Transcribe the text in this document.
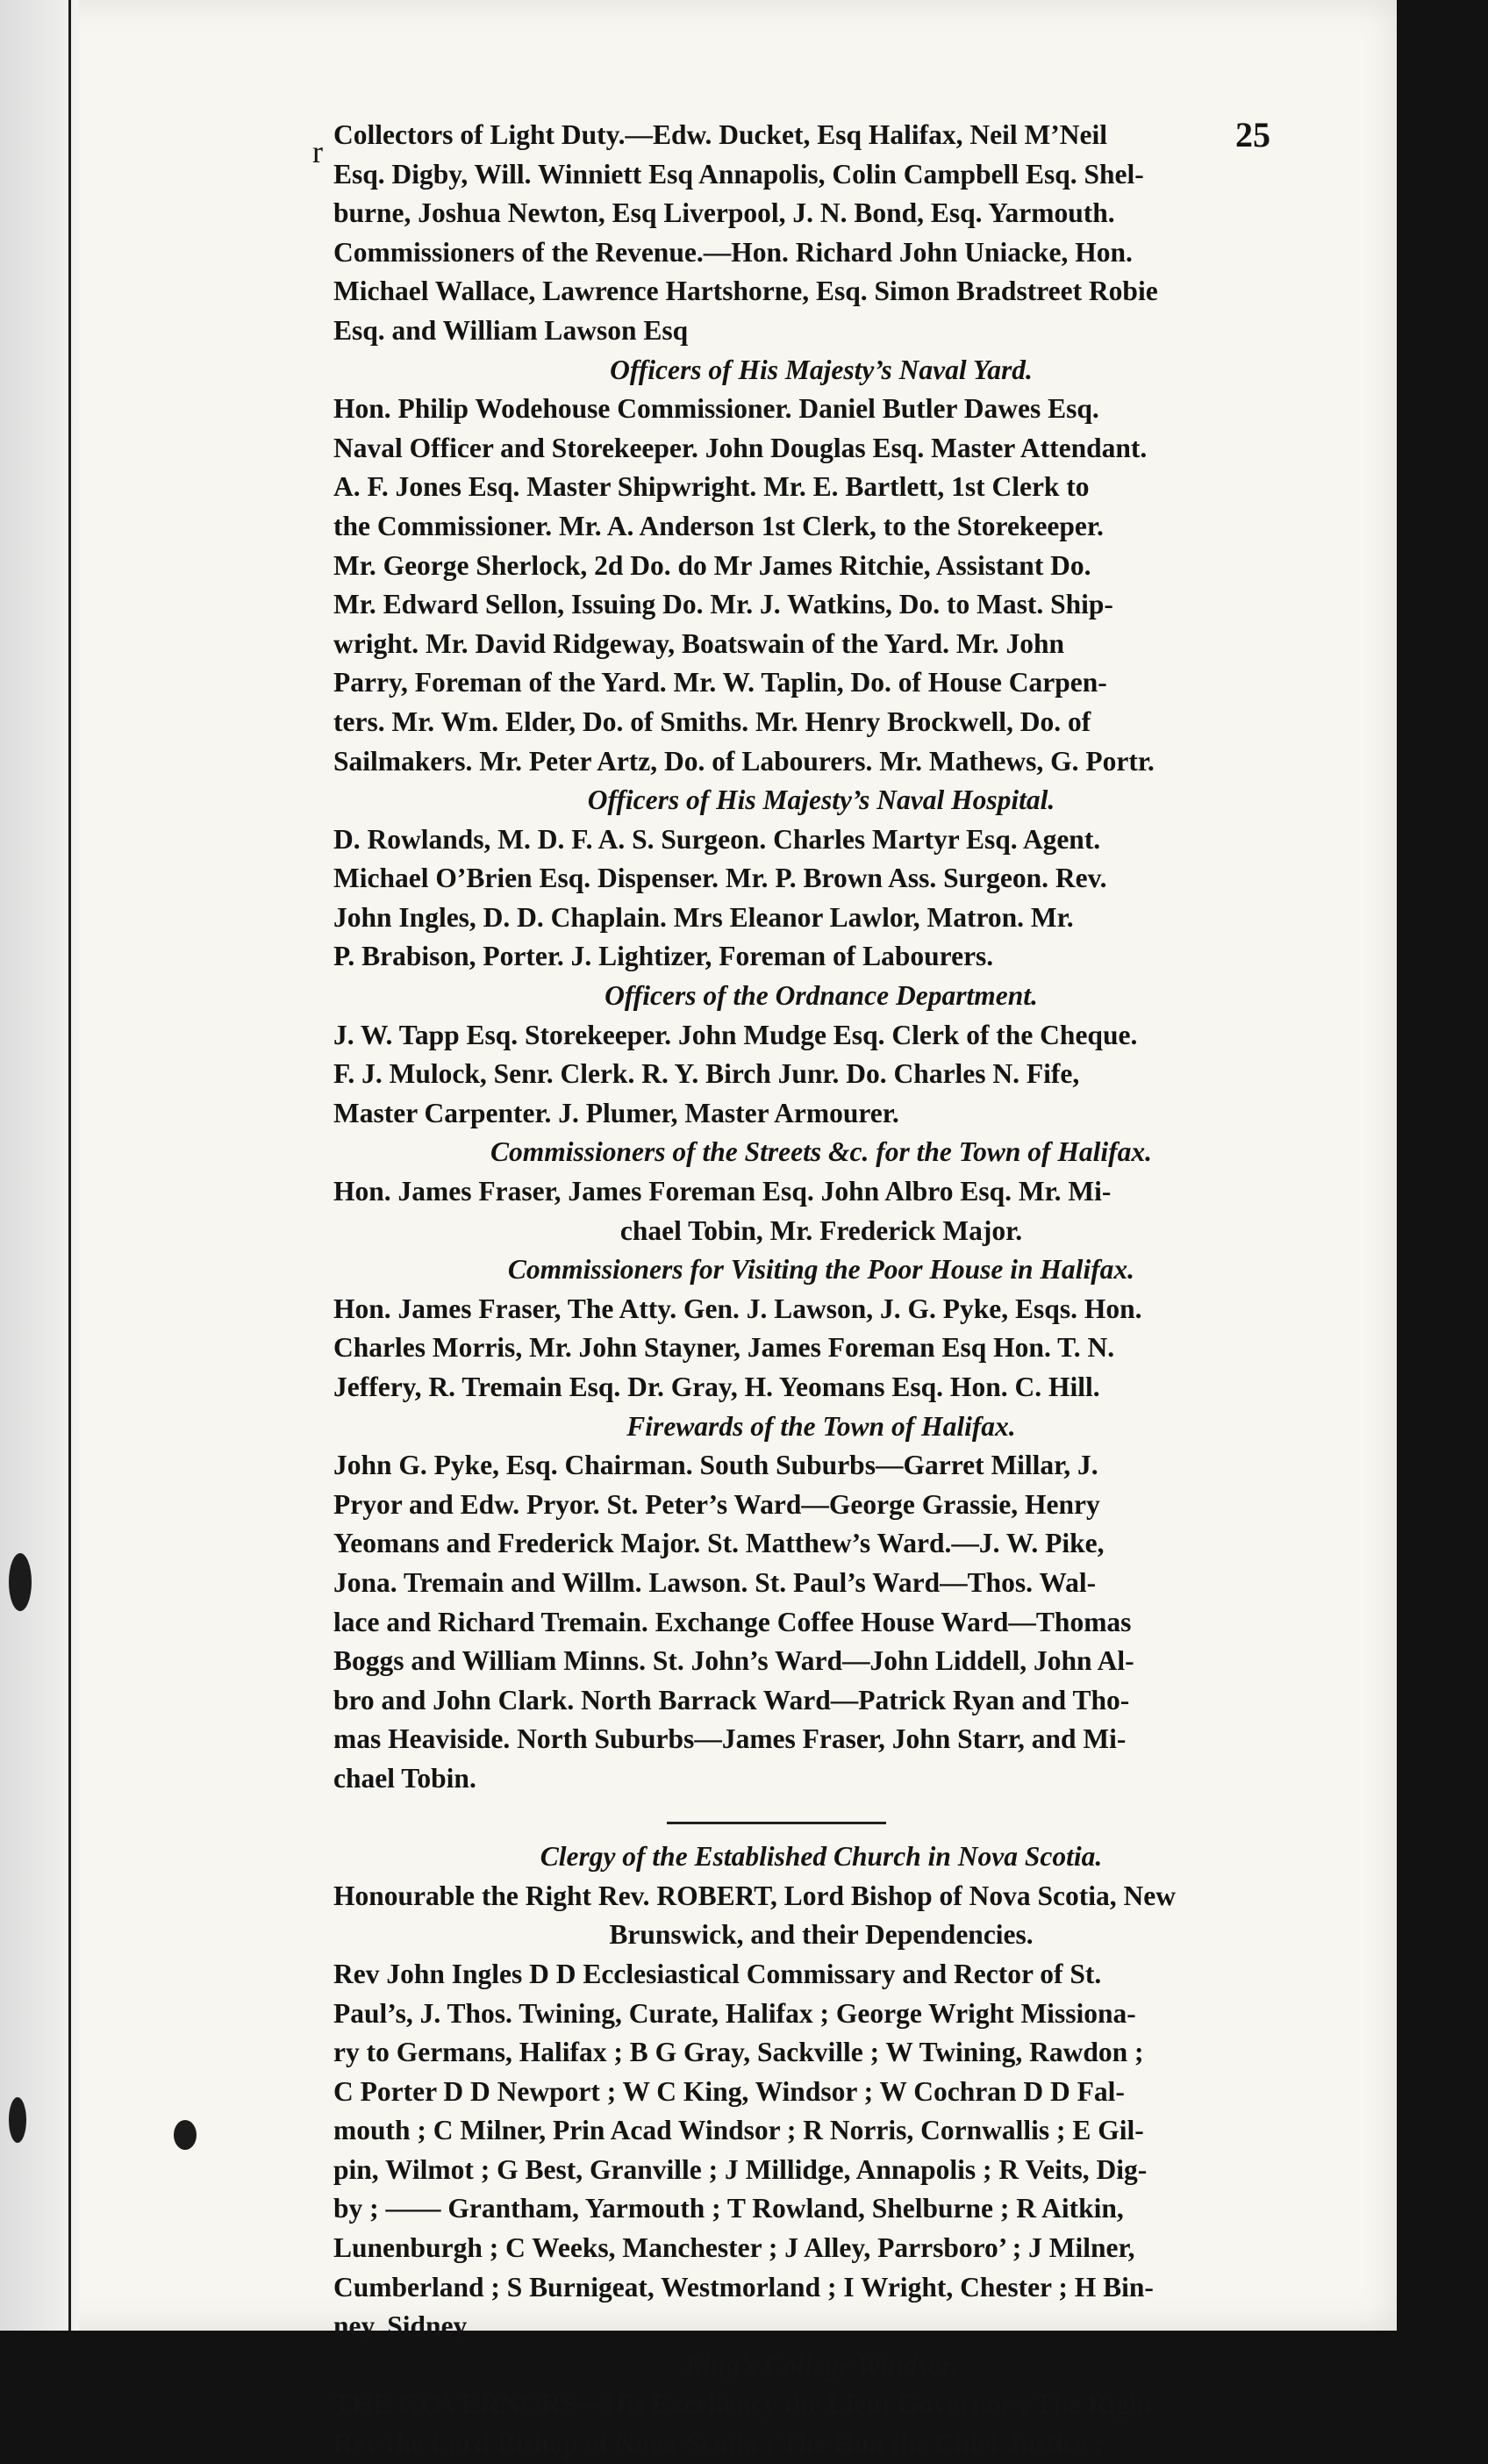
r	25
Collectors of Light Duty.—Edw. Ducket, Esq Halifax, Neil M’Neil
Esq. Digby, Will. Winniett Esq Annapolis, Colin Campbell Esq. Shel-
burne, Joshua Newton, Esq Liverpool, J. N. Bond, Esq. Yarmouth.
Commissioners of the Revenue.—Hon. Richard John Uniacke, Hon.
Michael Wallace, Lawrence Hartshorne, Esq. Simon Bradstreet Robie
Esq. and William Lawson Esq
Officers of His Majesty’s Naval Yard.
Hon. Philip Wodehouse Commissioner. Daniel Butler Dawes Esq.
Naval Officer and Storekeeper. John Douglas Esq. Master Attendant.
A. F. Jones Esq. Master Shipwright. Mr. E. Bartlett, 1st Clerk to
the Commissioner. Mr. A. Anderson 1st Clerk, to the Storekeeper.
Mr. George Sherlock, 2d Do. do Mr James Ritchie, Assistant Do.
Mr. Edward Sellon, Issuing Do. Mr. J. Watkins, Do. to Mast. Ship-
wright. Mr. David Ridgeway, Boatswain of the Yard. Mr. John
Parry, Foreman of the Yard. Mr. W. Taplin, Do. of House Carpen-
ters. Mr. Wm. Elder, Do. of Smiths. Mr. Henry Brockwell, Do. of
Sailmakers. Mr. Peter Artz, Do. of Labourers. Mr. Mathews, G. Portr.
Officers of His Majesty’s Naval Hospital.
D. Rowlands, M. D. F. A. S. Surgeon. Charles Martyr Esq. Agent.
Michael O’Brien Esq. Dispenser. Mr. P. Brown Ass. Surgeon. Rev.
John Ingles, D. D. Chaplain. Mrs Eleanor Lawlor, Matron. Mr.
P. Brabison, Porter. J. Lightizer, Foreman of Labourers.
Officers of the Ordnance Department.
J. W. Tapp Esq. Storekeeper. John Mudge Esq. Clerk of the Cheque.
F. J. Mulock, Senr. Clerk. R. Y. Birch Junr. Do. Charles N. Fife,
Master Carpenter. J. Plumer, Master Armourer.
Commissioners of the Streets &c. for the Town of Halifax.
Hon. James Fraser, James Foreman Esq. John Albro Esq. Mr. Mi-
chael Tobin, Mr. Frederick Major.
Commissioners for Visiting the Poor House in Halifax.
Hon. James Fraser, The Atty. Gen. J. Lawson, J. G. Pyke, Esqs. Hon.
Charles Morris, Mr. John Stayner, James Foreman Esq Hon. T. N.
Jeffery, R. Tremain Esq. Dr. Gray, H. Yeomans Esq. Hon. C. Hill.
Firewards of the Town of Halifax.
John G. Pyke, Esq. Chairman. South Suburbs—Garret Millar, J.
Pryor and Edw. Pryor. St. Peter’s Ward—George Grassie, Henry
Yeomans and Frederick Major. St. Matthew’s Ward.—J. W. Pike,
Jona. Tremain and Willm. Lawson. St. Paul’s Ward—Thos. Wal-
lace and Richard Tremain. Exchange Coffee House Ward—Thomas
Boggs and William Minns. St. John’s Ward—John Liddell, John Al-
bro and John Clark. North Barrack Ward—Patrick Ryan and Tho-
mas Heaviside. North Suburbs—James Fraser, John Starr, and Mi-
chael Tobin.
Clergy of the Established Church in Nova Scotia.
Honourable the Right Rev. ROBERT, Lord Bishop of Nova Scotia, New
Brunswick, and their Dependencies.
Rev John Ingles D D Ecclesiastical Commissary and Rector of St.
Paul’s, J. Thos. Twining, Curate, Halifax ; George Wright Missiona-
ry to Germans, Halifax ; B G Gray, Sackville ; W Twining, Rawdon ;
C Porter D D Newport ; W C King, Windsor ; W Cochran D D Fal-
mouth ; C Milner, Prin Acad Windsor ; R Norris, Cornwallis ; E Gil-
pin, Wilmot ; G Best, Granville ; J Millidge, Annapolis ; R Veits, Dig-
by ; —— Grantham, Yarmouth ; T Rowland, Shelburne ; R Aitkin,
Lunenburgh ; C Weeks, Manchester ; J Alley, Parrsboro’ ; J Milner,
Cumberland ; S Burnigeat, Westmorland ; I Wright, Chester ; H Bin-
ney, Sidney
King’s College Windsor.
THE GOVERNORS—His Excellency the Lieut Governor ; The Right
Rev the Lord Bishop of Nova-Scotia ; The Hon the Chief Justice ;
